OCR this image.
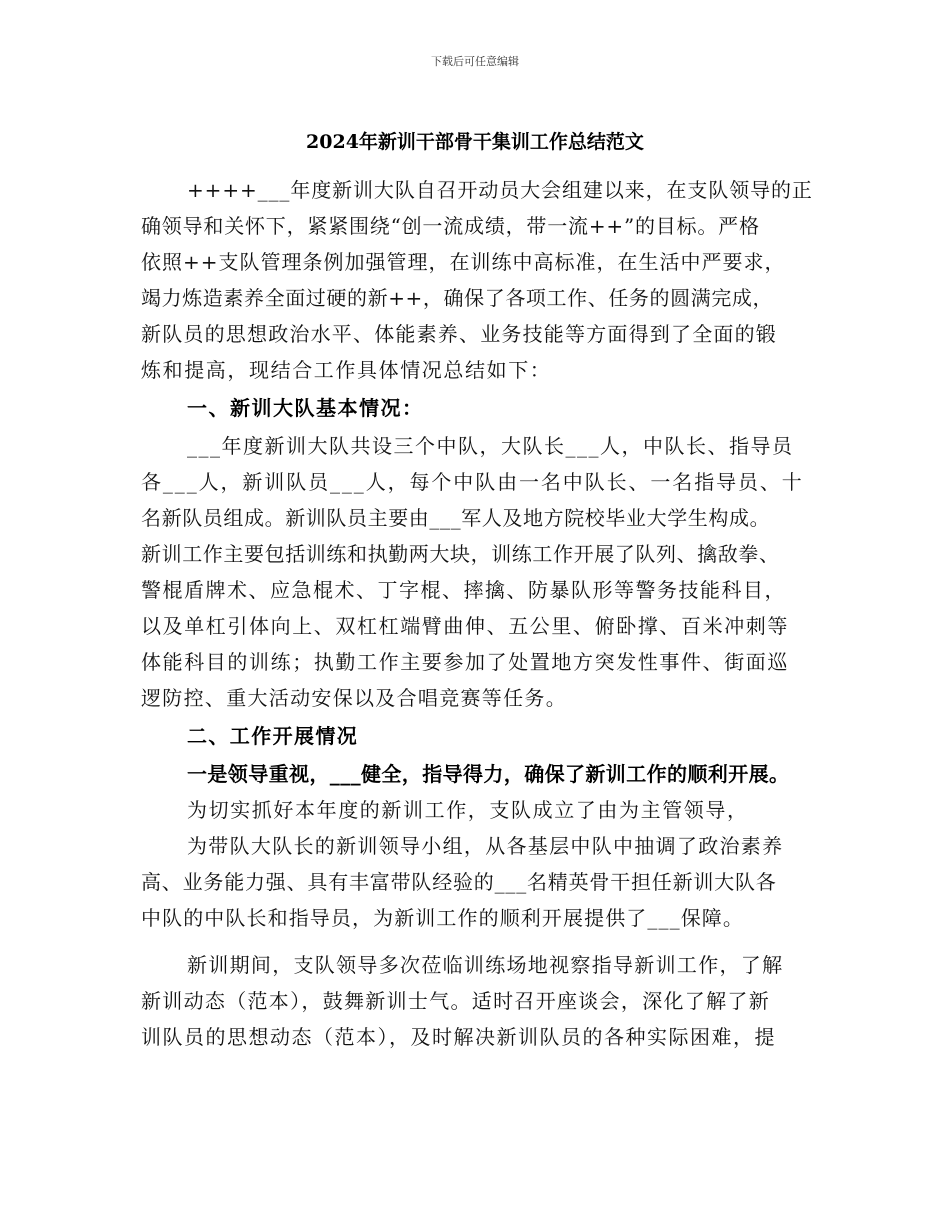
下载后可任意编辑
2024年新训干部骨干集训工作总结范文
++++___年度新训大队自召开动员大会组建以来，在支队领导的正
确领导和关怀下，紧紧围绕“创一流成绩，带一流++”的目标。严格
依照++支队管理条例加强管理，在训练中高标准，在生活中严要求，
竭力炼造素养全面过硬的新++，确保了各项工作、任务的圆满完成，
新队员的思想政治水平、体能素养、业务技能等方面得到了全面的锻
炼和提高，现结合工作具体情况总结如下：
一、新训大队基本情况：
___年度新训大队共设三个中队，大队长___人，中队长、指导员
各___人，新训队员___人，每个中队由一名中队长、一名指导员、十
名新队员组成。新训队员主要由___军人及地方院校毕业大学生构成。
新训工作主要包括训练和执勤两大块，训练工作开展了队列、擒敌拳、
警棍盾牌术、应急棍术、丁字棍、摔擒、防暴队形等警务技能科目，
以及单杠引体向上、双杠杠端臂曲伸、五公里、俯卧撑、百米冲刺等
体能科目的训练；执勤工作主要参加了处置地方突发性事件、街面巡
逻防控、重大活动安保以及合唱竞赛等任务。
二、工作开展情况
一是领导重视，___健全，指导得力，确保了新训工作的顺利开展。
为切实抓好本年度的新训工作，支队成立了由为主管领导，
为带队大队长的新训领导小组，从各基层中队中抽调了政治素养
高、业务能力强、具有丰富带队经验的___名精英骨干担任新训大队各
中队的中队长和指导员，为新训工作的顺利开展提供了___保障。
新训期间，支队领导多次莅临训练场地视察指导新训工作，了解
新训动态（范本），鼓舞新训士气。适时召开座谈会，深化了解了新
训队员的思想动态（范本），及时解决新训队员的各种实际困难，提
